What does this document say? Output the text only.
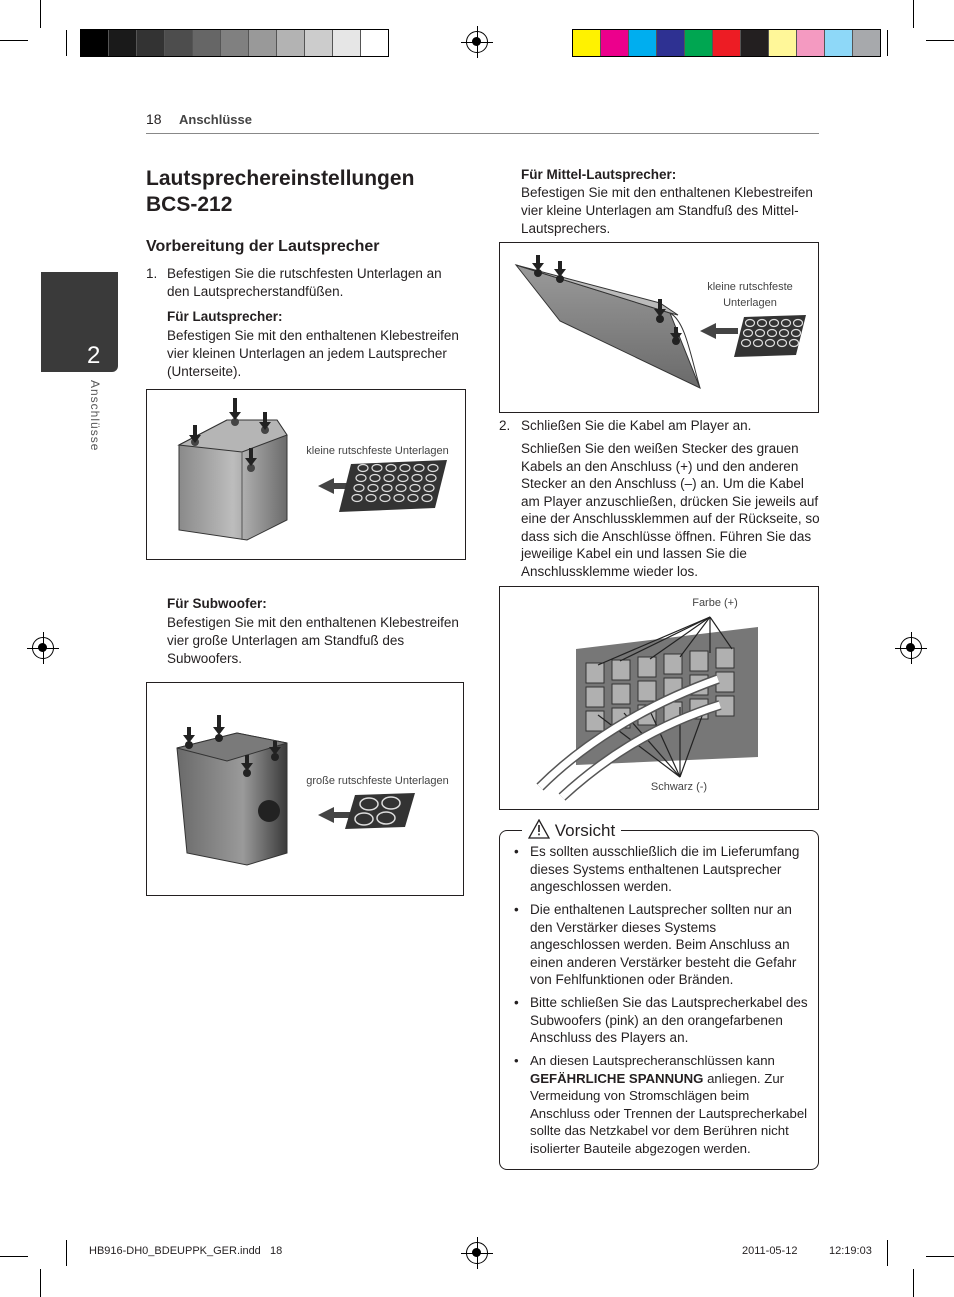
18 Anschlüsse
2
Anschlüsse
Lautsprechereinstellungen
BCS-212
Vorbereitung der Lautsprecher
1. Befestigen Sie die rutschfesten Unterlagen an den Lautsprecherstandfüßen.
Für Lautsprecher:
Befestigen Sie mit den enthaltenen Klebestreifen vier kleinen Unterlagen an jedem Lautsprecher (Unterseite).
kleine rutschfeste Unterlagen
Für Subwoofer:
Befestigen Sie mit den enthaltenen Klebestreifen vier große Unterlagen am Standfuß des Subwoofers.
große rutschfeste Unterlagen
Für Mittel-Lautsprecher:
Befestigen Sie mit den enthaltenen Klebestreifen vier kleine Unterlagen am Standfuß des Mittel-Lautsprechers.
kleine rutschfeste
Unterlagen
2. Schließen Sie die Kabel am Player an.
Schließen Sie den weißen Stecker des grauen Kabels an den Anschluss (+) und den anderen Stecker an den Anschluss (–) an. Um die Kabel am Player anzuschließen, drücken Sie jeweils auf eine der Anschlussklemmen auf der Rückseite, so dass sich die Anschlüsse öffnen. Führen Sie das jeweilige Kabel ein und lassen Sie die Anschlussklemme wieder los.
Farbe (+)
Schwarz (-)
Vorsicht
• Es sollten ausschließlich die im Lieferumfang dieses Systems enthaltenen Lautsprecher angeschlossen werden.
• Die enthaltenen Lautsprecher sollten nur an den Verstärker dieses Systems angeschlossen werden. Beim Anschluss an einen anderen Verstärker besteht die Gefahr von Fehlfunktionen oder Bränden.
• Bitte schließen Sie das Lautsprecherkabel des Subwoofers (pink) an den orangefarbenen Anschluss des Players an.
• An diesen Lautsprecheranschlüssen kann GEFÄHRLICHE SPANNUNG anliegen. Zur Vermeidung von Stromschlägen beim Anschluss oder Trennen der Lautsprecherkabel sollte das Netzkabel vor dem Berühren nicht isolierter Bauteile abgezogen werden.
HB916-DH0_BDEUPPK_GER.indd   18	2011-05-12	12:19:03
